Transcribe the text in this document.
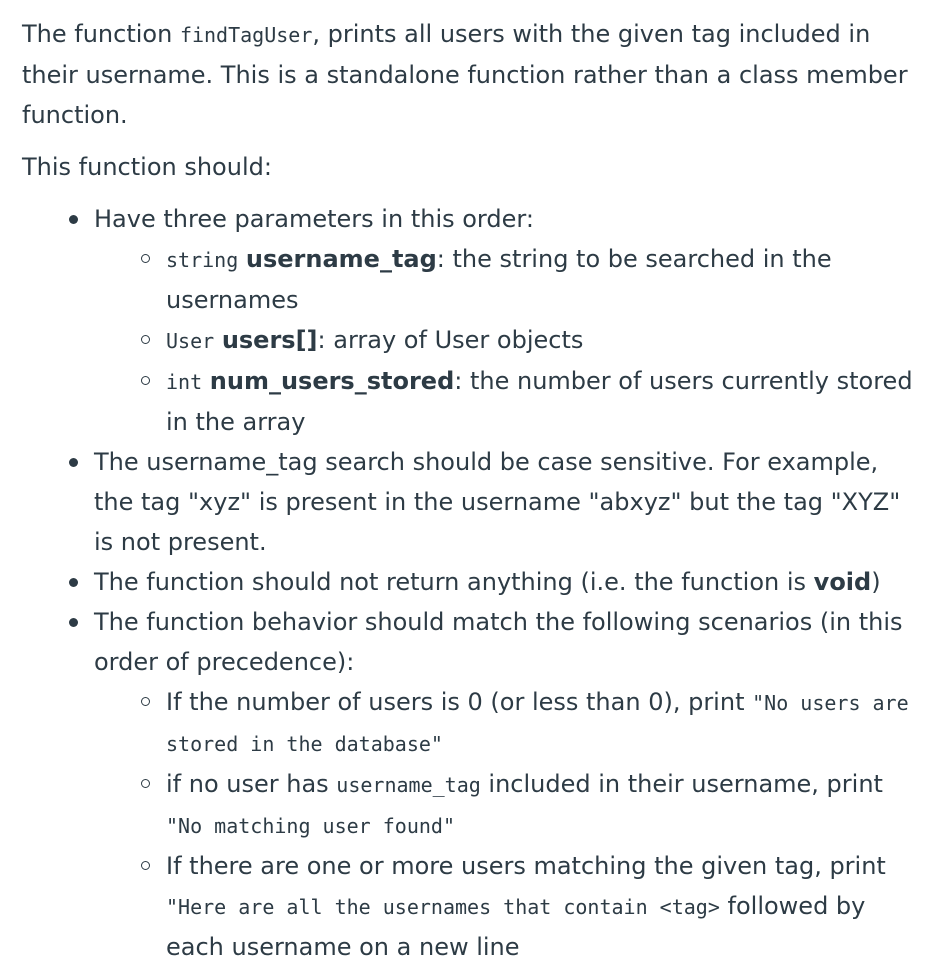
The function findTagUser, prints all users with the given tag included in their username. This is a standalone function rather than a class member function.

This function should:

Have three parameters in this order:
string username_tag: the string to be searched in the usernames
User users[]: array of User objects
int num_users_stored: the number of users currently stored in the array
The username_tag search should be case sensitive. For example, the tag "xyz" is present in the username "abxyz" but the tag "XYZ" is not present.
The function should not return anything (i.e. the function is void)
The function behavior should match the following scenarios (in this order of precedence):
If the number of users is 0 (or less than 0), print "No users are stored in the database"
if no user has username_tag included in their username, print "No matching user found"
If there are one or more users matching the given tag, print "Here are all the usernames that contain <tag> followed by each username on a new line
